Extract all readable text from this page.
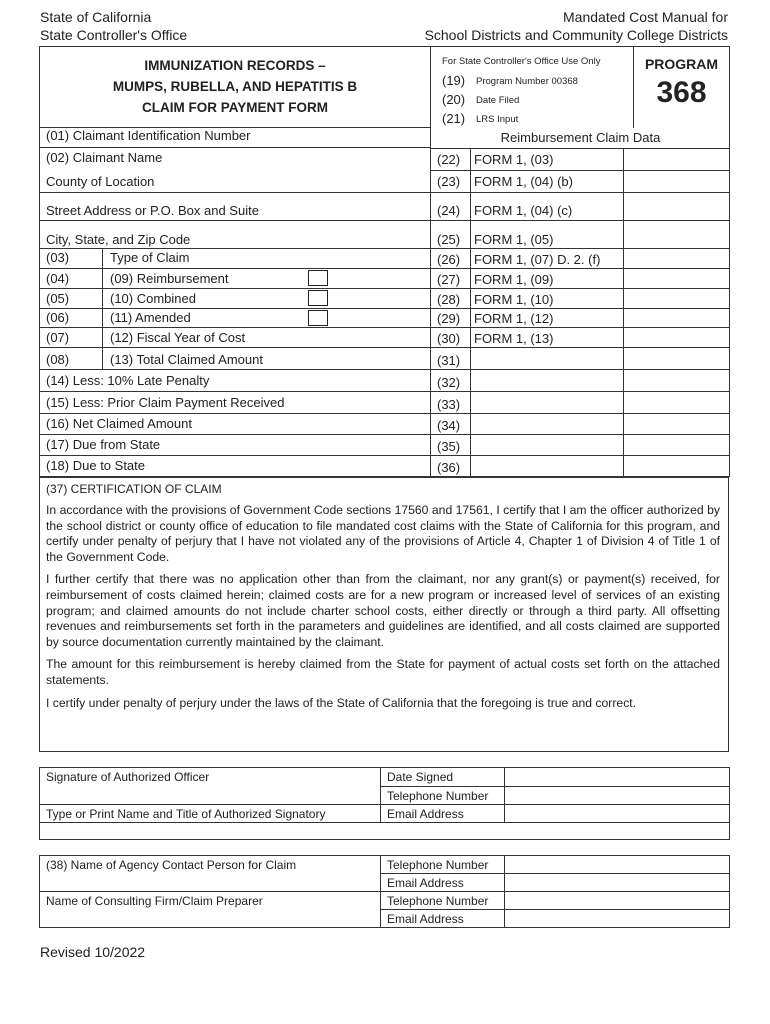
State of California
State Controller's Office
Mandated Cost Manual for
School Districts and Community College Districts
IMMUNIZATION RECORDS –
MUMPS, RUBELLA, AND HEPATITIS B
CLAIM FOR PAYMENT FORM
For State Controller's Office Use Only
(19) Program Number 00368
(20) Date Filed
(21) LRS Input
PROGRAM
368
Reimbursement Claim Data
(01) Claimant Identification Number
(02) Claimant Name
County of Location
Street Address or P.O. Box and Suite
City, State, and Zip Code
(03)	Type of Claim
(04)	(09) Reimbursement
(05)	(10) Combined
(06)	(11) Amended
(07)	(12) Fiscal Year of Cost
(08)	(13) Total Claimed Amount
(14) Less: 10% Late Penalty
(15) Less: Prior Claim Payment Received
(16) Net Claimed Amount
(17) Due from State
(18) Due to State
(22) FORM 1, (03)
(23) FORM 1, (04) (b)
(24) FORM 1, (04) (c)
(25) FORM 1, (05)
(26) FORM 1, (07) D. 2. (f)
(27) FORM 1, (09)
(28) FORM 1, (10)
(29) FORM 1, (12)
(30) FORM 1, (13)
(31)
(32)
(33)
(34)
(35)
(36)
(37) CERTIFICATION OF CLAIM

In accordance with the provisions of Government Code sections 17560 and 17561, I certify that I am the officer authorized by the school district or county office of education to file mandated cost claims with the State of California for this program, and certify under penalty of perjury that I have not violated any of the provisions of Article 4, Chapter 1 of Division 4 of Title 1 of the Government Code.

I further certify that there was no application other than from the claimant, nor any grant(s) or payment(s) received, for reimbursement of costs claimed herein; claimed costs are for a new program or increased level of services of an existing program; and claimed amounts do not include charter school costs, either directly or through a third party. All offsetting revenues and reimbursements set forth in the parameters and guidelines are identified, and all costs claimed are supported by source documentation currently maintained by the claimant.

The amount for this reimbursement is hereby claimed from the State for payment of actual costs set forth on the attached statements.

I certify under penalty of perjury under the laws of the State of California that the foregoing is true and correct.

Signature of Authorized Officer	Date Signed
Telephone Number
Type or Print Name and Title of Authorized Signatory	Email Address
(38) Name of Agency Contact Person for Claim	Telephone Number
Email Address
Name of Consulting Firm/Claim Preparer	Telephone Number
Email Address
Revised 10/2022
